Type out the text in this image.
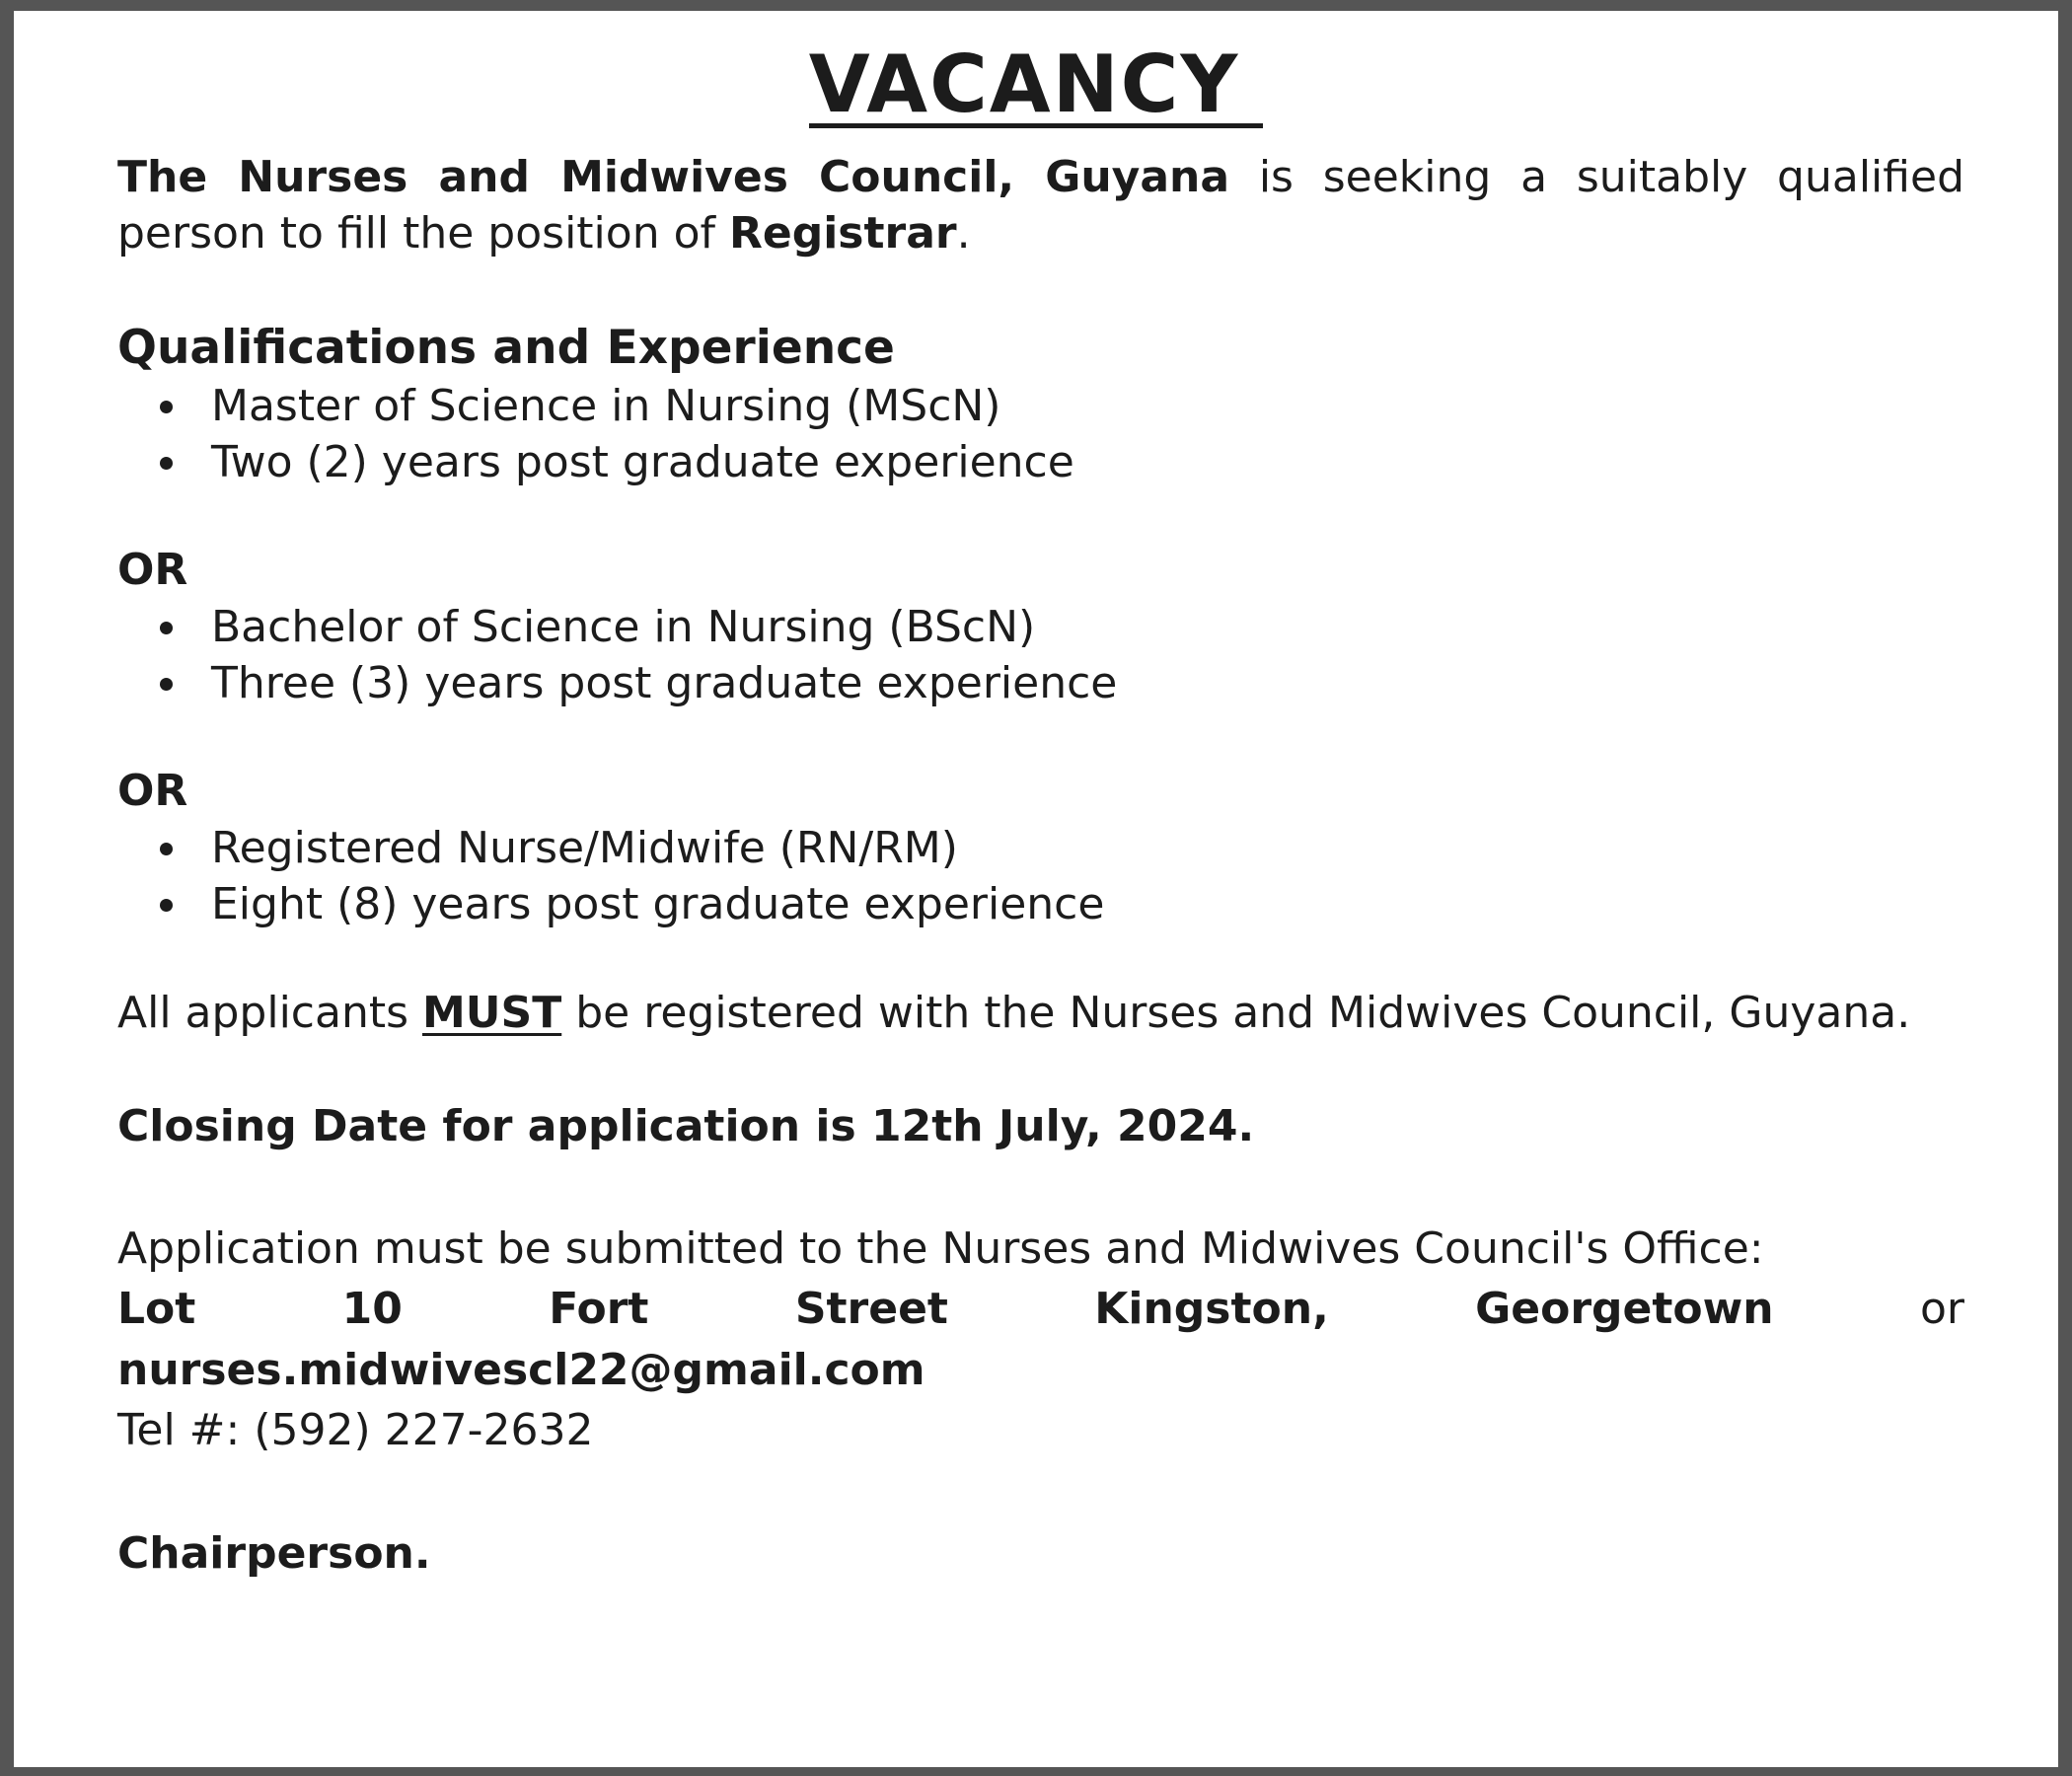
VACANCY

The Nurses and Midwives Council, Guyana is seeking a suitably qualified person to fill the position of Registrar.

Qualifications and Experience
Master of Science in Nursing (MScN)
Two (2) years post graduate experience

OR

Bachelor of Science in Nursing (BScN)
Three (3) years post graduate experience

OR

Registered Nurse/Midwife (RN/RM)
Eight (8) years post graduate experience

All applicants MUST be registered with the Nurses and Midwives Council, Guyana.

Closing Date for application is 12th July, 2024.

Application must be submitted to the Nurses and Midwives Council's Office:

Lot	10	Fort	Street	Kingston,	Georgetown	or

nurses.midwivescl22@gmail.com

Tel #: (592) 227-2632

Chairperson.
